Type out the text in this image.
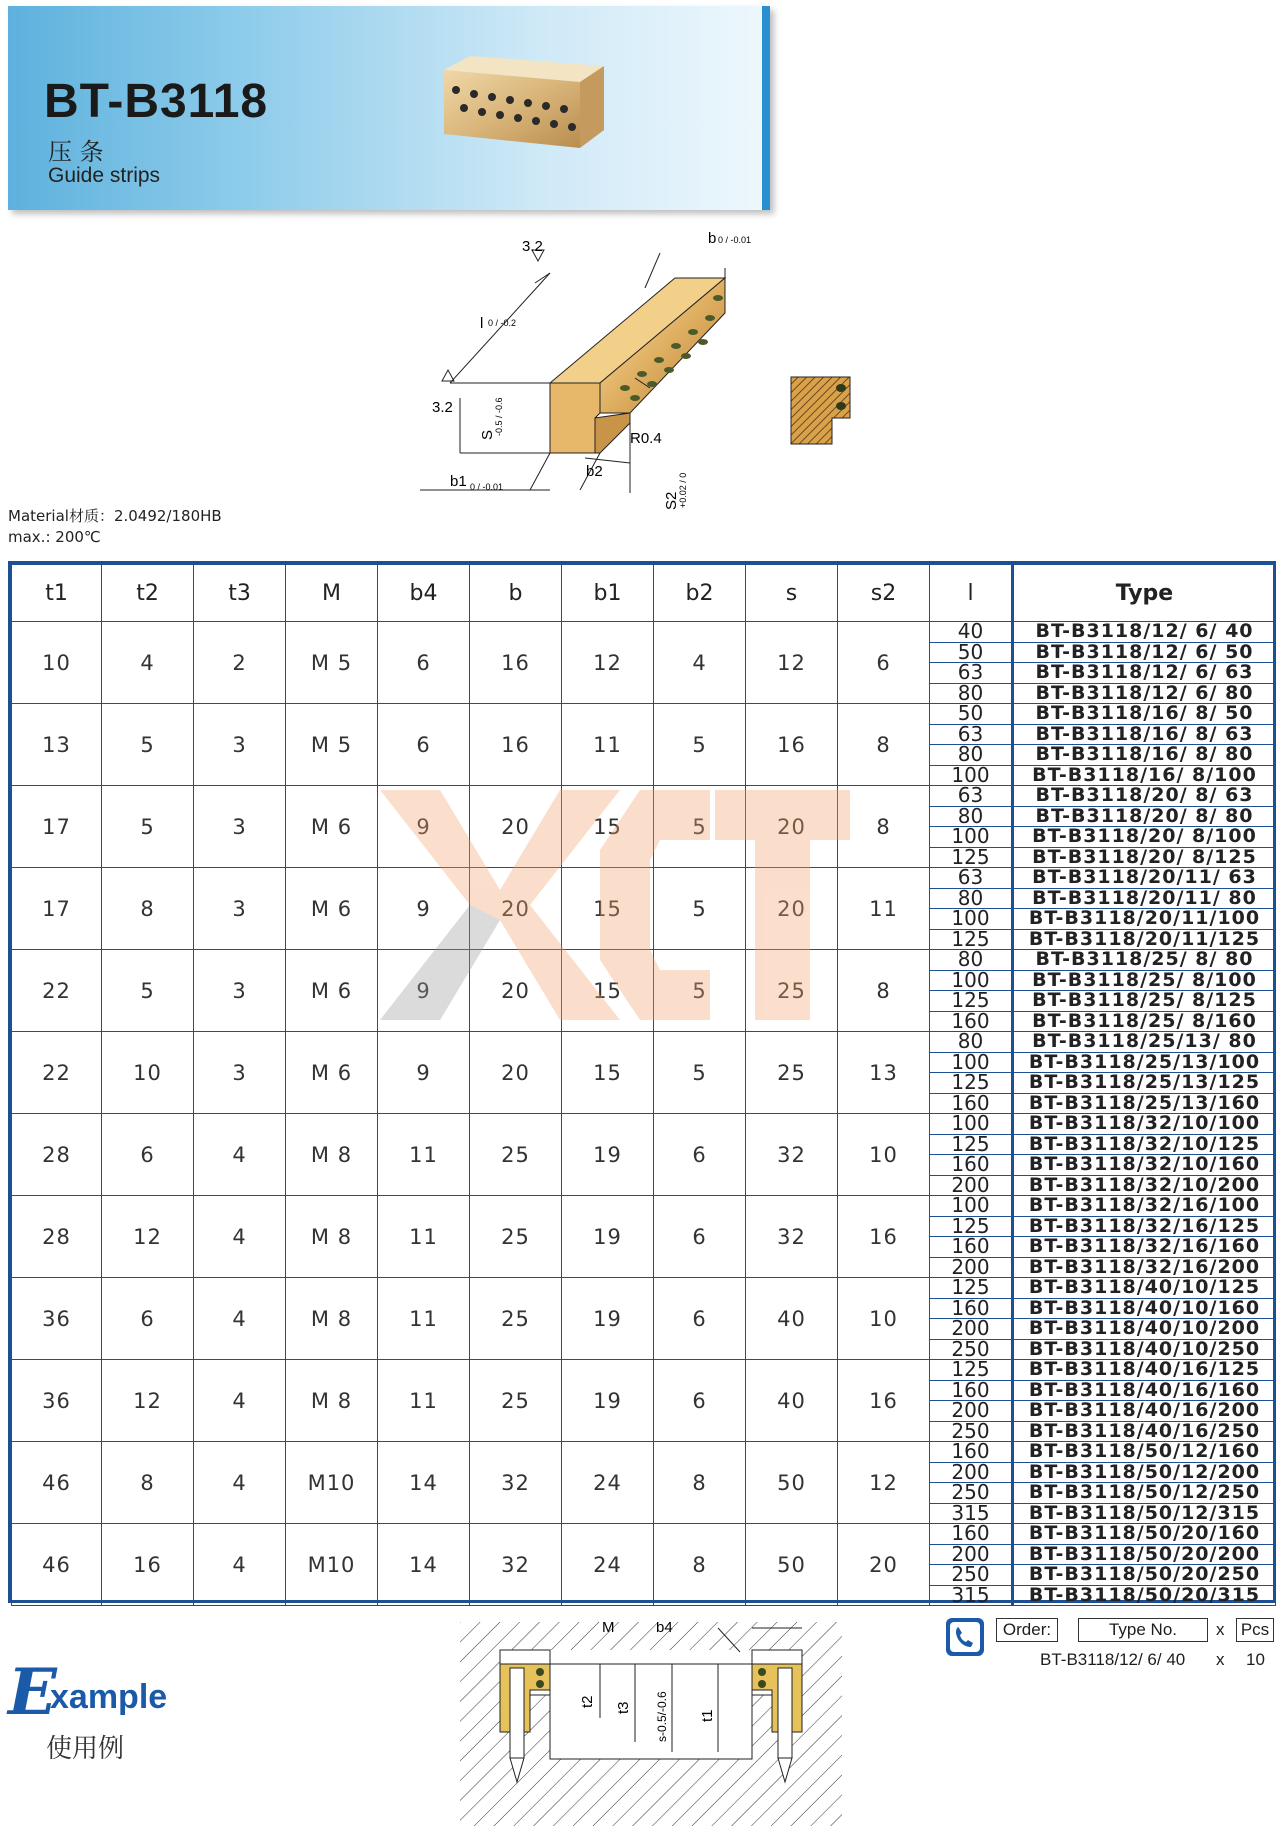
BT-B3118
压 条
Guide strips
3.2
3.2
l 0 / -0.2
b 0 / -0.01
S
-0.5 / -0.6
b1 0 / -0.01
b2
R0.4
S2
+0.02 / 0
Material材质：2.0492/180HB
max.: 200℃
t1	t2	t3	M	b4	b	b1	b2	s	s2	l	Type
10	4	2	M 5	6	16	12	4	12	6	40	BT-B3118/12/ 6/ 40
										50	BT-B3118/12/ 6/ 50
										63	BT-B3118/12/ 6/ 63
										80	BT-B3118/12/ 6/ 80
13	5	3	M 5	6	16	11	5	16	8	50	BT-B3118/16/ 8/ 50
										63	BT-B3118/16/ 8/ 63
										80	BT-B3118/16/ 8/ 80
										100	BT-B3118/16/ 8/100
17	5	3	M 6	9	20	15	5	20	8	63	BT-B3118/20/ 8/ 63
										80	BT-B3118/20/ 8/ 80
										100	BT-B3118/20/ 8/100
										125	BT-B3118/20/ 8/125
17	8	3	M 6	9	20	15	5	20	11	63	BT-B3118/20/11/ 63
										80	BT-B3118/20/11/ 80
										100	BT-B3118/20/11/100
										125	BT-B3118/20/11/125
22	5	3	M 6	9	20	15	5	25	8	80	BT-B3118/25/ 8/ 80
										100	BT-B3118/25/ 8/100
										125	BT-B3118/25/ 8/125
										160	BT-B3118/25/ 8/160
22	10	3	M 6	9	20	15	5	25	13	80	BT-B3118/25/13/ 80
										100	BT-B3118/25/13/100
										125	BT-B3118/25/13/125
										160	BT-B3118/25/13/160
28	6	4	M 8	11	25	19	6	32	10	100	BT-B3118/32/10/100
										125	BT-B3118/32/10/125
										160	BT-B3118/32/10/160
										200	BT-B3118/32/10/200
28	12	4	M 8	11	25	19	6	32	16	100	BT-B3118/32/16/100
										125	BT-B3118/32/16/125
										160	BT-B3118/32/16/160
										200	BT-B3118/32/16/200
36	6	4	M 8	11	25	19	6	40	10	125	BT-B3118/40/10/125
										160	BT-B3118/40/10/160
										200	BT-B3118/40/10/200
										250	BT-B3118/40/10/250
36	12	4	M 8	11	25	19	6	40	16	125	BT-B3118/40/16/125
										160	BT-B3118/40/16/160
										200	BT-B3118/40/16/200
										250	BT-B3118/40/16/250
46	8	4	M10	14	32	24	8	50	12	160	BT-B3118/50/12/160
										200	BT-B3118/50/12/200
										250	BT-B3118/50/12/250
										315	BT-B3118/50/12/315
46	16	4	M10	14	32	24	8	50	20	160	BT-B3118/50/20/160
										200	BT-B3118/50/20/200
										250	BT-B3118/50/20/250
										315	BT-B3118/50/20/315
Order:	Type No.	x Pcs
BT-B3118/12/ 6/ 40 x 10
E
xample
使用例
M	b4
t2 t3 s-0.5/-0.6 t1
